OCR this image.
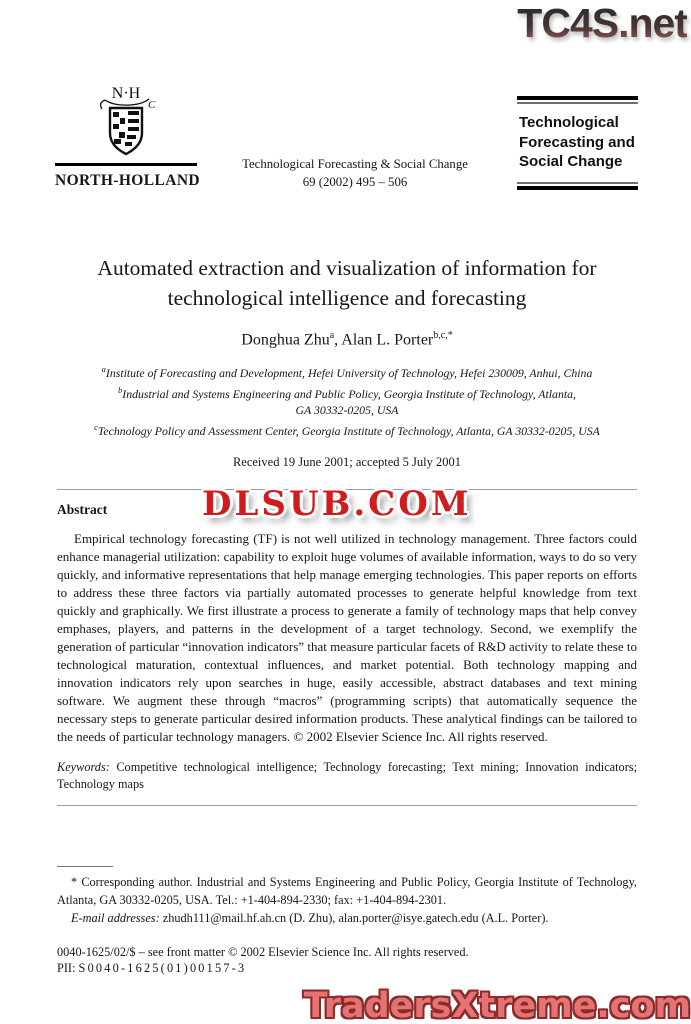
TC4S.net
N·H
C
NORTH-HOLLAND
Technological Forecasting & Social Change
69 (2002) 495 – 506
Technological
Forecasting and
Social Change
Automated extraction and visualization of information for
technological intelligence and forecasting
Donghua Zhu$^a$, Alan L. Porter$^{b,c,*}$
$^a$Institute of Forecasting and Development, Hefei University of Technology, Hefei 230009, Anhui, China
$^b$Industrial and Systems Engineering and Public Policy, Georgia Institute of Technology, Atlanta,
GA 30332-0205, USA
$^c$Technology Policy and Assessment Center, Georgia Institute of Technology, Atlanta, GA 30332-0205, USA
Received 19 June 2001; accepted 5 July 2001
Abstract
Empirical technology forecasting (TF) is not well utilized in technology management. Three factors could enhance managerial utilization: capability to exploit huge volumes of available information, ways to do so very quickly, and informative representations that help manage emerging technologies. This paper reports on efforts to address these three factors via partially automated processes to generate helpful knowledge from text quickly and graphically. We first illustrate a process to generate a family of technology maps that help convey emphases, players, and patterns in the development of a target technology. Second, we exemplify the generation of particular “innovation indicators” that measure particular facets of R&D activity to relate these to technological maturation, contextual influences, and market potential. Both technology mapping and innovation indicators rely upon searches in huge, easily accessible, abstract databases and text mining software. We augment these through “macros” (programming scripts) that automatically sequence the necessary steps to generate particular desired information products. These analytical findings can be tailored to the needs of particular technology managers. © 2002 Elsevier Science Inc. All rights reserved.
Keywords: Competitive technological intelligence; Technology forecasting; Text mining; Innovation indicators; Technology maps
DLSUB.COM
* Corresponding author. Industrial and Systems Engineering and Public Policy, Georgia Institute of Technology, Atlanta, GA 30332-0205, USA. Tel.: +1-404-894-2330; fax: +1-404-894-2301.
E-mail addresses: zhudh111@mail.hf.ah.cn (D. Zhu), alan.porter@isye.gatech.edu (A.L. Porter).
0040-1625/02/$ – see front matter © 2002 Elsevier Science Inc. All rights reserved.
PII: S0040-1625(01)00157-3
TradersXtreme.com
